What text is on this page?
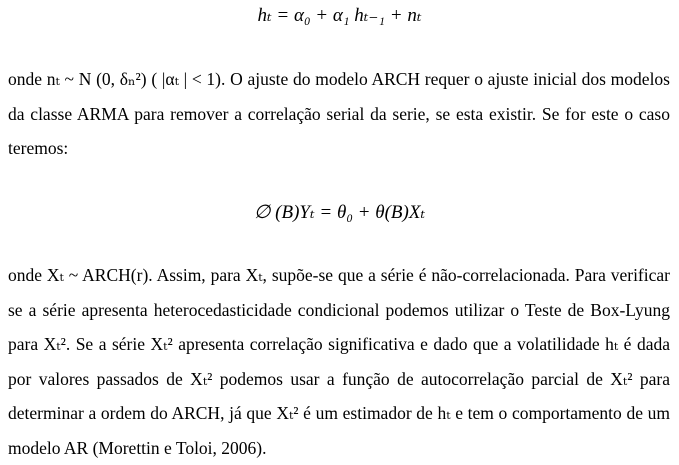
hₜ = α₀ + α₁ hₜ₋₁ + nₜ
onde nₜ ~ N (0, δₙ²) ( |αₜ | < 1). O ajuste do modelo ARCH requer o ajuste inicial dos modelos da classe ARMA para remover a correlação serial da serie, se esta existir. Se for este o caso teremos:
∅ (B)Yₜ = θ₀ + θ(B)Xₜ
onde Xₜ ~ ARCH(r). Assim, para Xₜ, supõe-se que a série é não-correlacionada. Para verificar se a série apresenta heterocedasticidade condicional podemos utilizar o Teste de Box-Lyung para Xₜ². Se a série Xₜ² apresenta correlação significativa e dado que a volatilidade hₜ é dada por valores passados de Xₜ² podemos usar a função de autocorrelação parcial de Xₜ² para determinar a ordem do ARCH, já que Xₜ² é um estimador de hₜ e tem o comportamento de um modelo AR (Morettin e Toloi, 2006).
